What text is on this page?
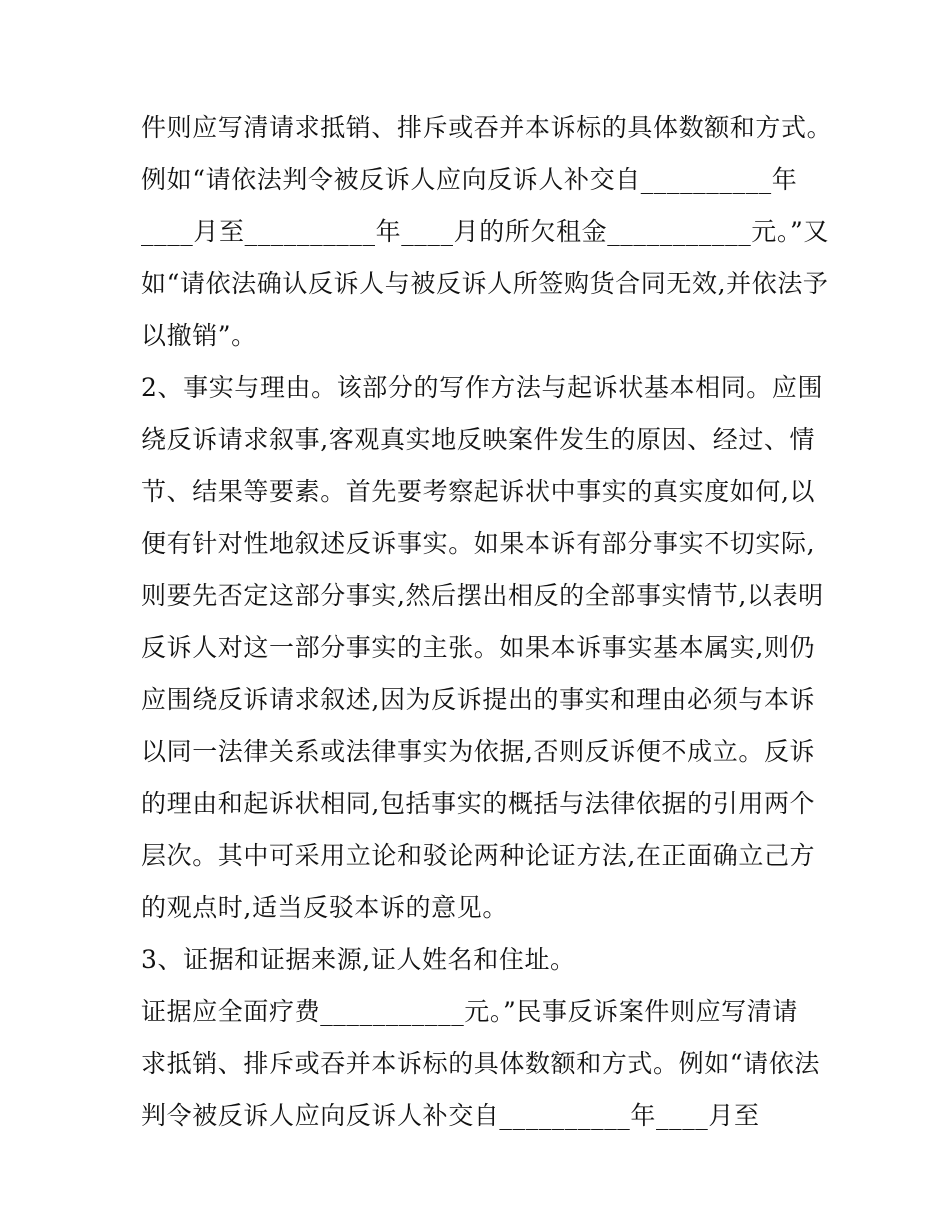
件则应写清请求抵销、排斥或吞并本诉标的具体数额和方式。
例如“请依法判令被反诉人应向反诉人补交自__________年
____月至__________年____月的所欠租金___________元。”又
如“请依法确认反诉人与被反诉人所签购货合同无效,并依法予
以撤销”。
2、事实与理由。该部分的写作方法与起诉状基本相同。应围
绕反诉请求叙事,客观真实地反映案件发生的原因、经过、情
节、结果等要素。首先要考察起诉状中事实的真实度如何,以
便有针对性地叙述反诉事实。如果本诉有部分事实不切实际,
则要先否定这部分事实,然后摆出相反的全部事实情节,以表明
反诉人对这一部分事实的主张。如果本诉事实基本属实,则仍
应围绕反诉请求叙述,因为反诉提出的事实和理由必须与本诉
以同一法律关系或法律事实为依据,否则反诉便不成立。反诉
的理由和起诉状相同,包括事实的概括与法律依据的引用两个
层次。其中可采用立论和驳论两种论证方法,在正面确立己方
的观点时,适当反驳本诉的意见。
3、证据和证据来源,证人姓名和住址。
证据应全面疗费___________元。”民事反诉案件则应写清请
求抵销、排斥或吞并本诉标的具体数额和方式。例如“请依法
判令被反诉人应向反诉人补交自__________年____月至
